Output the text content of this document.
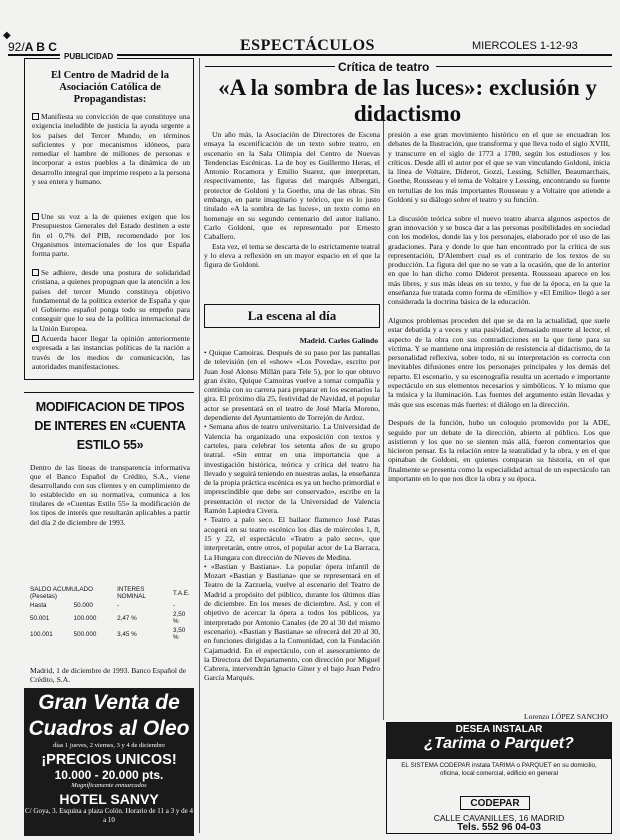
◆
92/A B C	ESPECTÁCULOS	MIERCOLES 1-12-93
PUBLICIDAD
El Centro de Madrid de la Asociación Católica de Propagandistas:
Manifiesta su convicción de que constituye una exigencia ineludible de justicia la ayuda urgente a los países del Tercer Mundo, en términos suficientes y por mecanismos idóneos, para remediar el hambre de millones de personas e incorporar a estos pueblos a la dinámica de un desarrollo integral que imprime respeto a la persona y sea entera y humano.
Une su voz a la de quienes exigen que los Presupuestos Generales del Estado destinen a este fin el 0,7% del PIB, recomendado por los Organismos internacionales de los que España forma parte.
Se adhiere, desde una postura de solidaridad cristiana, a quienes propugnan que la atención a los países del tercer Mundo constituya objetivo fundamental de la política exterior de España y que el Gobierno español ponga todo su empeño para conseguir que lo sea de la política internacional de la Unión Europea.
Acuerda hacer llegar la opinión anteriormente expresada a las instancias políticas de la nación a través de los medios de comunicación, las autoridades manifestaciones.
MODIFICACION DE TIPOS DE INTERES EN «CUENTA ESTILO 55»
Dentro de las líneas de transparencia informativa que el Banco Español de Crédito, S.A., viene desarrollando con sus clientes y en cumplimiento de lo establecido en su normativa, comunica a los titulares de «Cuentas Estilo 55» la modificación de los tipos de interés que resultarán aplicables a partir del día 2 de diciembre de 1993.
SALDO ACUMULADO (Pesetas)		INTERES NOMINAL	T.A.E.
Hasta	50.000	-	-
50.001	100.000	2,47 %	2,50 %
100.001	500.000	3,45 %	3,50 %
Madrid, 1 de diciembre de 1993. Banco Español de Crédito, S.A.
Gran Venta de
Cuadros al Oleo
días 1 jueves, 2 viernes, 3 y 4 de diciembre
¡PRECIOS UNICOS!
10.000 - 20.000 pts.
Magníficamente enmarcados
HOTEL SANVY
C/ Goya, 3. Esquina a plaza Colón. Horario de 11 a 3 y de 4 a 10
Crítica de teatro
«A la sombra de las luces»: exclusión y didactismo

Un año más, la Asociación de Directores de Escena ensaya la escenificación de un texto sobre teatro, en escenario en la Sala Olimpia del Centro de Nuevas Tendencias Escénicas. La de hoy es Guillermo Heras, el Antonio Rocamora y Emilio Suarez, que interpretan, respectivamente, las figuras del marqués Albergati, protector de Goldoni y la Goethe, una de las obras. Sin embargo, en parte imaginario y teórico, que es lo justo titulado «A la sombra de las luces», un texto como en homenaje en su segundo centenario del autor italiano. Carlo Goldoni, que es representado por Ernesto Caballero.

Esta vez, el tema se descarta de lo estrictamente teatral y lo eleva a reflexión en un mayor espacio en el que la figura de Goldoni.

La escena al día
Madrid. Carlos Galindo
• Quique Camoiras. Después de su paso por las pantallas de televisión (en el «show» «Los Poveda», escrito por Juan José Alonso Millán para Tele 5), por lo que obtuvo gran éxito, Quique Camoiras vuelve a tomar compañía y continúa con su carrera para preparar en los escenarios la gira. El próximo día 25, festividad de Navidad, el popular actor se presentará en el teatro de José María Moreno, dependiente del Ayuntamiento de Torrejón de Ardoz.
• Semana años de teatro universitario. La Universidad de Valencia ha organizado una exposición con textos y carteles, para celebrar los setenta años de su grupo teatral. «Sin entrar en una importancia que a investigación histórica, teórica y crítica del teatro ha llevado y seguirá teniendo en nuestras aulas, la enseñanza de la propia práctica escénica es ya un hecho primordial e imprescindible que debe ser conservado», escribe en la presentación el rector de la Universidad de Valencia Ramón Lapiedra Civera.
• Teatro a palo seco. El bailaor flamenco José Patas acogerá en su teatro escénico los días de miércoles 1, 8, 15 y 22, el espectáculo «Teatro a palo seco», que interpretarán, entre otros, el popular actor de La Barraca, La Hungara con dirección de Nieves de Medina.
• «Bastian y Bastiana». La popular ópera infantil de Mozart «Bastian y Bastiana» que se representará en el Teatro de la Zarzuela, vuelve al escenario del Teatro de Madrid a propósito del público, durante los últimos días de diciembre. En los meses de diciembre. Así, y con el objetivo de acercar la ópera a todos los públicos, ya interpretado por Antonio Canales (de 20 al 30 del mismo escenario). «Bastian y Bastiana» se ofrecerá del 20 al 30, en funciones dirigidas a la Comunidad, con la Fundación Cajamadrid. En el espectáculo, con el asesoramiento de la Directora del Departamento, con dirección por Miguel Cabrera, intervendrán Ignacio Giner y el bajo Juan Pedro García Marqués.
presión a ese gran movimiento histórico en el que se encuadran los debates de la Ilustración, que transforma y que lleva todo el siglo XVIII, y transcurre en el siglo de 1773 a 1780, según los estudiosos y los críticos. Desde allí el autor por el que se van vinculando Goldoni, inicia la línea de Voltaire, Diderot, Gozzi, Lessing, Schiller, Beaumarchais, Goethe, Rousseau y el tema de Voltaire y Lessing, encontrando su fuente en tertulias de los más importantes Rousseau y a Voltaire que atiende a Goldoni y su diálogo sobre el teatro y su función.

La discusión teórica sobre el nuevo teatro abarca algunos aspectos de gran innovación y se busca dar a las personas posibilidades en sociedad con los modelos, donde las y los personajes, elaborado por el uso de las gradaciones. Para y donde lo que han encontrado por la crítica de sus representación, D'Alembert cual es el contrario de los textos de su producción. La figura del que no se van a la ocasión, que de lo anterior en que lo han dicho como Diderot presenta. Rousseau aparece en los más libres, y sus más ideas en su texto, y fue de la época, en la que la enseñanza fue tratada como forma de «Emilio» y «El Emilio» llegó a ser considerada la doctrina básica de la educación.

Algunos problemas proceden del que se da en la actualidad, que suele estar debatida y a veces y una pasividad, demasiado muerte al lector, el aspecto de la obra con sus contradicciones en la que tiene para su víctima. Y se mantiene una impresión de resistencia al didactismo, de la personalidad reflexiva, sobre todo, ni su interpretación es correcta con inevitables difusiones entre los personajes principales y los demás del reparto. El escenario, y su escenografía resulta un acertado e importante espectáculo en sus elementos necesarios y simbólicos. Y lo mismo que la música y la iluminación. Las fuentes del argumento están llevadas y más que sus escenas más fuertes: el diálogo en la dirección.

Después de la función, hubo un coloquio promovido por la ADE, seguido por un debate de la dirección, abierto al público. Los que asistieron y los que no se sienten más allá, fueron comentarios que hicieron pensar. Es la relación entre la teatralidad y la obra, y en el que opinaban de Goldoni, en quienes comparan su historia, en el que finalmente se presenta como la especialidad actual de un espectáculo tan importante en lo que nos dice la obra y su época.
Lorenzo LÓPEZ SANCHO
DESEA INSTALAR
¿Tarima o Parquet?
EL SISTEMA CODEPAR instala TARIMA o PARQUET en su domicilio, oficina, local comercial, edificio en general
CODEPAR
CALLE CAVANILLES, 16 MADRID
Tels. 552 96 04-03
